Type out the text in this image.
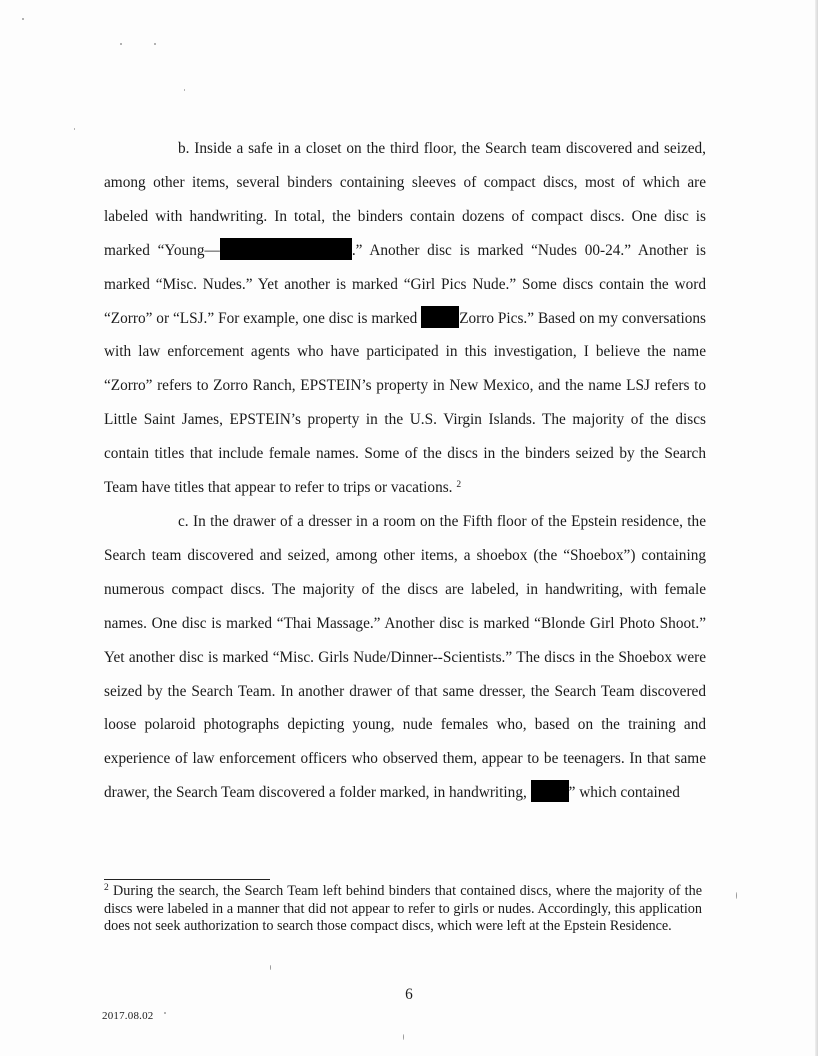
b. Inside a safe in a closet on the third floor, the Search team discovered and seized, among other items, several binders containing sleeves of compact discs, most of which are labeled with handwriting. In total, the binders contain dozens of compact discs. One disc is marked “Young—	.” Another disc is marked “Nudes 00-24.” Another is marked “Misc. Nudes.” Yet another is marked “Girl Pics Nude.” Some discs contain the word “Zorro” or “LSJ.” For example, one disc is marked Zorro Pics.” Based on my conversations with law enforcement agents who have participated in this investigation, I believe the name “Zorro” refers to Zorro Ranch, EPSTEIN’s property in New Mexico, and the name LSJ refers to Little Saint James, EPSTEIN’s property in the U.S. Virgin Islands. The majority of the discs contain titles that include female names. Some of the discs in the binders seized by the Search Team have titles that appear to refer to trips or vacations. $^2$

c. In the drawer of a dresser in a room on the Fifth floor of the Epstein residence, the Search team discovered and seized, among other items, a shoebox (the “Shoebox”) containing numerous compact discs. The majority of the discs are labeled, in handwriting, with female names. One disc is marked “Thai Massage.” Another disc is marked “Blonde Girl Photo Shoot.” Yet another disc is marked “Misc. Girls Nude/Dinner--Scientists.” The discs in the Shoebox were seized by the Search Team. In another drawer of that same dresser, the Search Team discovered loose polaroid photographs depicting young, nude females who, based on the training and experience of law enforcement officers who observed them, appear to be teenagers. In that same drawer, the Search Team discovered a folder marked, in handwriting, ” which contained

$^2$ During the search, the Search Team left behind binders that contained discs, where the majority of the discs were labeled in a manner that did not appear to refer to girls or nudes. Accordingly, this application does not seek authorization to search those compact discs, which were left at the Epstein Residence.

6
2017.08.02
